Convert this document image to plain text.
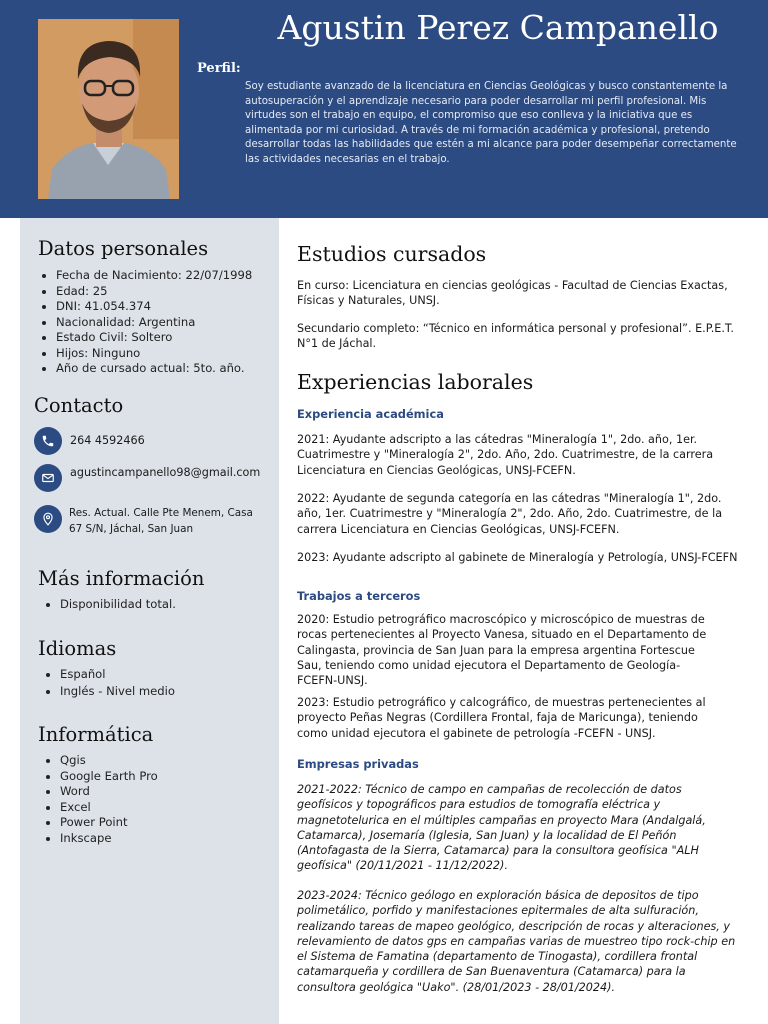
Agustin Perez Campanello
Perfil:
Soy estudiante avanzado de la licenciatura en Ciencias Geológicas y busco constantemente la autosuperación y el aprendizaje necesario para poder desarrollar mi perfil profesional. Mis virtudes son el trabajo en equipo, el compromiso que eso conlleva y la iniciativa que es alimentada por mi curiosidad. A través de mi formación académica y profesional, pretendo desarrollar todas las habilidades que estén a mi alcance para poder desempeñar correctamente las actividades necesarias en el trabajo.
Datos personales
Fecha de Nacimiento: 22/07/1998
Edad: 25
DNI: 41.054.374
Nacionalidad: Argentina
Estado Civil: Soltero
Hijos: Ninguno
Año de cursado actual: 5to. año.
Contacto
264 4592466
agustincampanello98@gmail.com
Res. Actual. Calle Pte Menem, Casa 67 S/N, Jáchal, San Juan
Más información
Disponibilidad total.
Idiomas
Español
Inglés - Nivel medio
Informática
Qgis
Google Earth Pro
Word
Excel
Power Point
Inkscape
Estudios cursados
En curso: Licenciatura en ciencias geológicas - Facultad de Ciencias Exactas, Físicas y Naturales, UNSJ.
Secundario completo: “Técnico en informática personal y profesional”. E.P.E.T. N°1 de Jáchal.
Experiencias laborales
Experiencia académica
2021: Ayudante adscripto a las cátedras "Mineralogía 1", 2do. año, 1er. Cuatrimestre y "Mineralogía 2", 2do. Año, 2do. Cuatrimestre, de la carrera Licenciatura en Ciencias Geológicas, UNSJ-FCEFN.
2022: Ayudante de segunda categoría en las cátedras "Mineralogía 1", 2do. año, 1er. Cuatrimestre y "Mineralogía 2", 2do. Año, 2do. Cuatrimestre, de la carrera Licenciatura en Ciencias Geológicas, UNSJ-FCEFN.
2023: Ayudante adscripto al gabinete de Mineralogía y Petrología, UNSJ-FCEFN
Trabajos a terceros
2020: Estudio petrográfico macroscópico y microscópico de muestras de rocas pertenecientes al Proyecto Vanesa, situado en el Departamento de Calingasta, provincia de San Juan para la empresa argentina Fortescue Sau, teniendo como unidad ejecutora el Departamento de Geología- FCEFN-UNSJ.
2023: Estudio petrográfico y calcográfico, de muestras pertenecientes al proyecto Peñas Negras (Cordillera Frontal, faja de Maricunga), teniendo como unidad ejecutora el gabinete de petrología -FCEFN - UNSJ.
Empresas privadas
2021-2022: Técnico de campo en campañas de recolección de datos geofísicos y topográficos para estudios de tomografía eléctrica y magnetotelurica en el múltiples campañas en proyecto Mara (Andalgalá, Catamarca), Josemaría (Iglesia, San Juan) y la localidad de El Peñón (Antofagasta de la Sierra, Catamarca) para la consultora geofísica "ALH geofísica" (20/11/2021 - 11/12/2022).
2023-2024: Técnico geólogo en exploración básica de depositos de tipo polimetálico, porfido y manifestaciones epitermales de alta sulfuración, realizando tareas de mapeo geológico, descripción de rocas y alteraciones, y relevamiento de datos gps en campañas varias de muestreo tipo rock-chip en el Sistema de Famatina (departamento de Tinogasta), cordillera frontal catamarqueña y cordillera de San Buenaventura (Catamarca) para la consultora geológica "Uako". (28/01/2023 - 28/01/2024).
